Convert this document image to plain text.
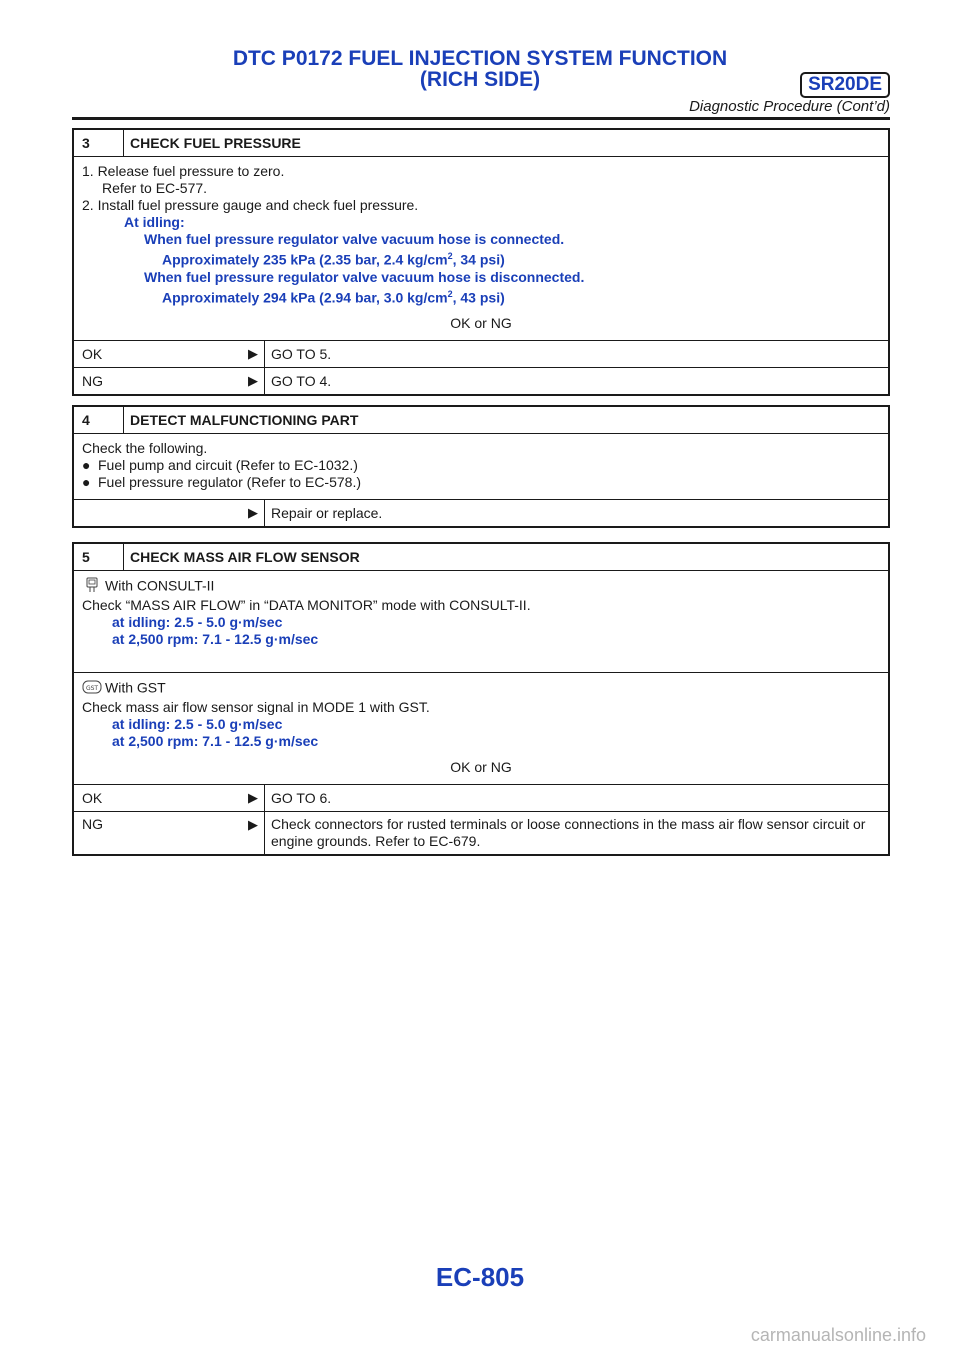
DTC P0172 FUEL INJECTION SYSTEM FUNCTION
(RICH SIDE)	SR20DE
Diagnostic Procedure (Cont’d)
3	CHECK FUEL PRESSURE
1. Release fuel pressure to zero.
Refer to EC-577.
2. Install fuel pressure gauge and check fuel pressure.
At idling:
When fuel pressure regulator valve vacuum hose is connected.
Approximately 235 kPa (2.35 bar, 2.4 $kg/cm^2$, 34 psi)
When fuel pressure regulator valve vacuum hose is disconnected.
Approximately 294 kPa (2.94 bar, 3.0 $kg/cm^2$, 43 psi)
OK or NG
OK	▶ GO TO 5.
NG	▶ GO TO 4.
4	DETECT MALFUNCTIONING PART
Check the following.
● Fuel pump and circuit (Refer to EC-1032.)
● Fuel pressure regulator (Refer to EC-578.)
▶ Repair or replace.
5	CHECK MASS AIR FLOW SENSOR
With CONSULT-II
Check “MASS AIR FLOW” in “DATA MONITOR” mode with CONSULT-II.
at idling: 2.5 - 5.0 g·m/sec
at 2,500 rpm: 7.1 - 12.5 g·m/sec
GST With GST
Check mass air flow sensor signal in MODE 1 with GST.
at idling: 2.5 - 5.0 g·m/sec
at 2,500 rpm: 7.1 - 12.5 g·m/sec
OK or NG
OK	▶ GO TO 6.
NG	▶ Check connectors for rusted terminals or loose connections in the mass air flow sensor circuit or engine grounds. Refer to EC-679.
EC-805
carmanualsonline.info
